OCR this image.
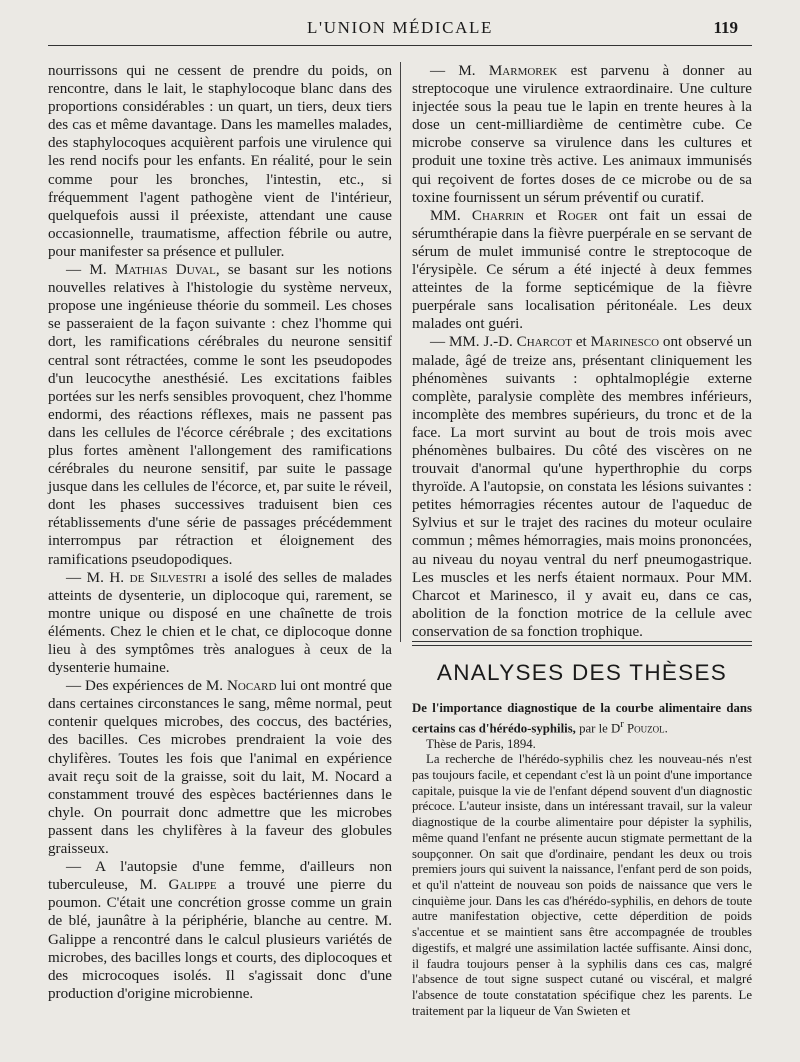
L'UNION MÉDICALE	119

nourrissons qui ne cessent de prendre du poids, on rencontre, dans le lait, le staphylocoque blanc dans des proportions considérables : un quart, un tiers, deux tiers des cas et même davantage. Dans les mamelles malades, des staphylocoques acquièrent parfois une virulence qui les rend nocifs pour les enfants. En réalité, pour le sein comme pour les bronches, l'intestin, etc., si fréquemment l'agent pathogène vient de l'intérieur, quelquefois aussi il préexiste, attendant une cause occasionnelle, traumatisme, affection fébrile ou autre, pour manifester sa présence et pulluler.

— M. Mathias Duval, se basant sur les notions nouvelles relatives à l'histologie du système nerveux, propose une ingénieuse théorie du sommeil. Les choses se passeraient de la façon suivante : chez l'homme qui dort, les ramifications cérébrales du neurone sensitif central sont rétractées, comme le sont les pseudopodes d'un leucocythe anesthésié. Les excitations faibles portées sur les nerfs sensibles provoquent, chez l'homme endormi, des réactions réflexes, mais ne passent pas dans les cellules de l'écorce cérébrale ; des excitations plus fortes amènent l'allongement des ramifications cérébrales du neurone sensitif, par suite le passage jusque dans les cellules de l'écorce, et, par suite le réveil, dont les phases successives traduisent bien ces rétablissements d'une série de passages précédemment interrompus par rétraction et éloignement des ramifications pseudopodiques.

— M. H. de Silvestri a isolé des selles de malades atteints de dysenterie, un diplocoque qui, rarement, se montre unique ou disposé en une chaînette de trois éléments. Chez le chien et le chat, ce diplocoque donne lieu à des symptômes très analogues à ceux de la dysenterie humaine.

— Des expériences de M. Nocard lui ont montré que dans certaines circonstances le sang, même normal, peut contenir quelques microbes, des coccus, des bactéries, des bacilles. Ces microbes prendraient la voie des chylifères. Toutes les fois que l'animal en expérience avait reçu soit de la graisse, soit du lait, M. Nocard a constamment trouvé des espèces bactériennes dans le chyle. On pourrait donc admettre que les microbes passent dans les chylifères à la faveur des globules graisseux.

— A l'autopsie d'une femme, d'ailleurs non tuberculeuse, M. Galippe a trouvé une pierre du poumon. C'était une concrétion grosse comme un grain de blé, jaunâtre à la périphérie, blanche au centre. M. Galippe a rencontré dans le calcul plusieurs variétés de microbes, des bacilles longs et courts, des diplocoques et des microcoques isolés. Il s'agissait donc d'une production d'origine microbienne.

— M. Marmorek est parvenu à donner au streptocoque une virulence extraordinaire. Une culture injectée sous la peau tue le lapin en trente heures à la dose un cent-milliardième de centimètre cube. Ce microbe conserve sa virulence dans les cultures et produit une toxine très active. Les animaux immunisés qui reçoivent de fortes doses de ce microbe ou de sa toxine fournissent un sérum préventif ou curatif.

MM. Charrin et Roger ont fait un essai de sérumthérapie dans la fièvre puerpérale en se servant de sérum de mulet immunisé contre le streptocoque de l'érysipèle. Ce sérum a été injecté à deux femmes atteintes de la forme septicémique de la fièvre puerpérale sans localisation péritonéale. Les deux malades ont guéri.

— MM. J.-D. Charcot et Marinesco ont observé un malade, âgé de treize ans, présentant cliniquement les phénomènes suivants : ophtalmoplégie externe complète, paralysie complète des membres inférieurs, incomplète des membres supérieurs, du tronc et de la face. La mort survint au bout de trois mois avec phénomènes bulbaires. Du côté des viscères on ne trouvait d'anormal qu'une hyperthrophie du corps thyroïde. A l'autopsie, on constata les lésions suivantes : petites hémorragies récentes autour de l'aqueduc de Sylvius et sur le trajet des racines du moteur oculaire commun ; mêmes hémorragies, mais moins prononcées, au niveau du noyau ventral du nerf pneumogastrique. Les muscles et les nerfs étaient normaux. Pour MM. Charcot et Marinesco, il y avait eu, dans ce cas, abolition de la fonction motrice de la cellule avec conservation de sa fonction trophique.

ANALYSES DES THÈSES

De l'importance diagnostique de la courbe alimentaire dans certains cas d'hérédo-syphilis, par le $D^r$ Pouzol.

Thèse de Paris, 1894.

La recherche de l'hérédo-syphilis chez les nouveau-nés n'est pas toujours facile, et cependant c'est là un point d'une importance capitale, puisque la vie de l'enfant dépend souvent d'un diagnostic précoce. L'auteur insiste, dans un intéressant travail, sur la valeur diagnostique de la courbe alimentaire pour dépister la syphilis, même quand l'enfant ne présente aucun stigmate permettant de la soupçonner. On sait que d'ordinaire, pendant les deux ou trois premiers jours qui suivent la naissance, l'enfant perd de son poids, et qu'il n'atteint de nouveau son poids de naissance que vers le cinquième jour. Dans les cas d'hérédo-syphilis, en dehors de toute autre manifestation objective, cette déperdition de poids s'accentue et se maintient sans être accompagnée de troubles digestifs, et malgré une assimilation lactée suffisante. Ainsi donc, il faudra toujours penser à la syphilis dans ces cas, malgré l'absence de tout signe suspect cutané ou viscéral, et malgré l'absence de toute constatation spécifique chez les parents. Le traitement par la liqueur de Van Swieten et
